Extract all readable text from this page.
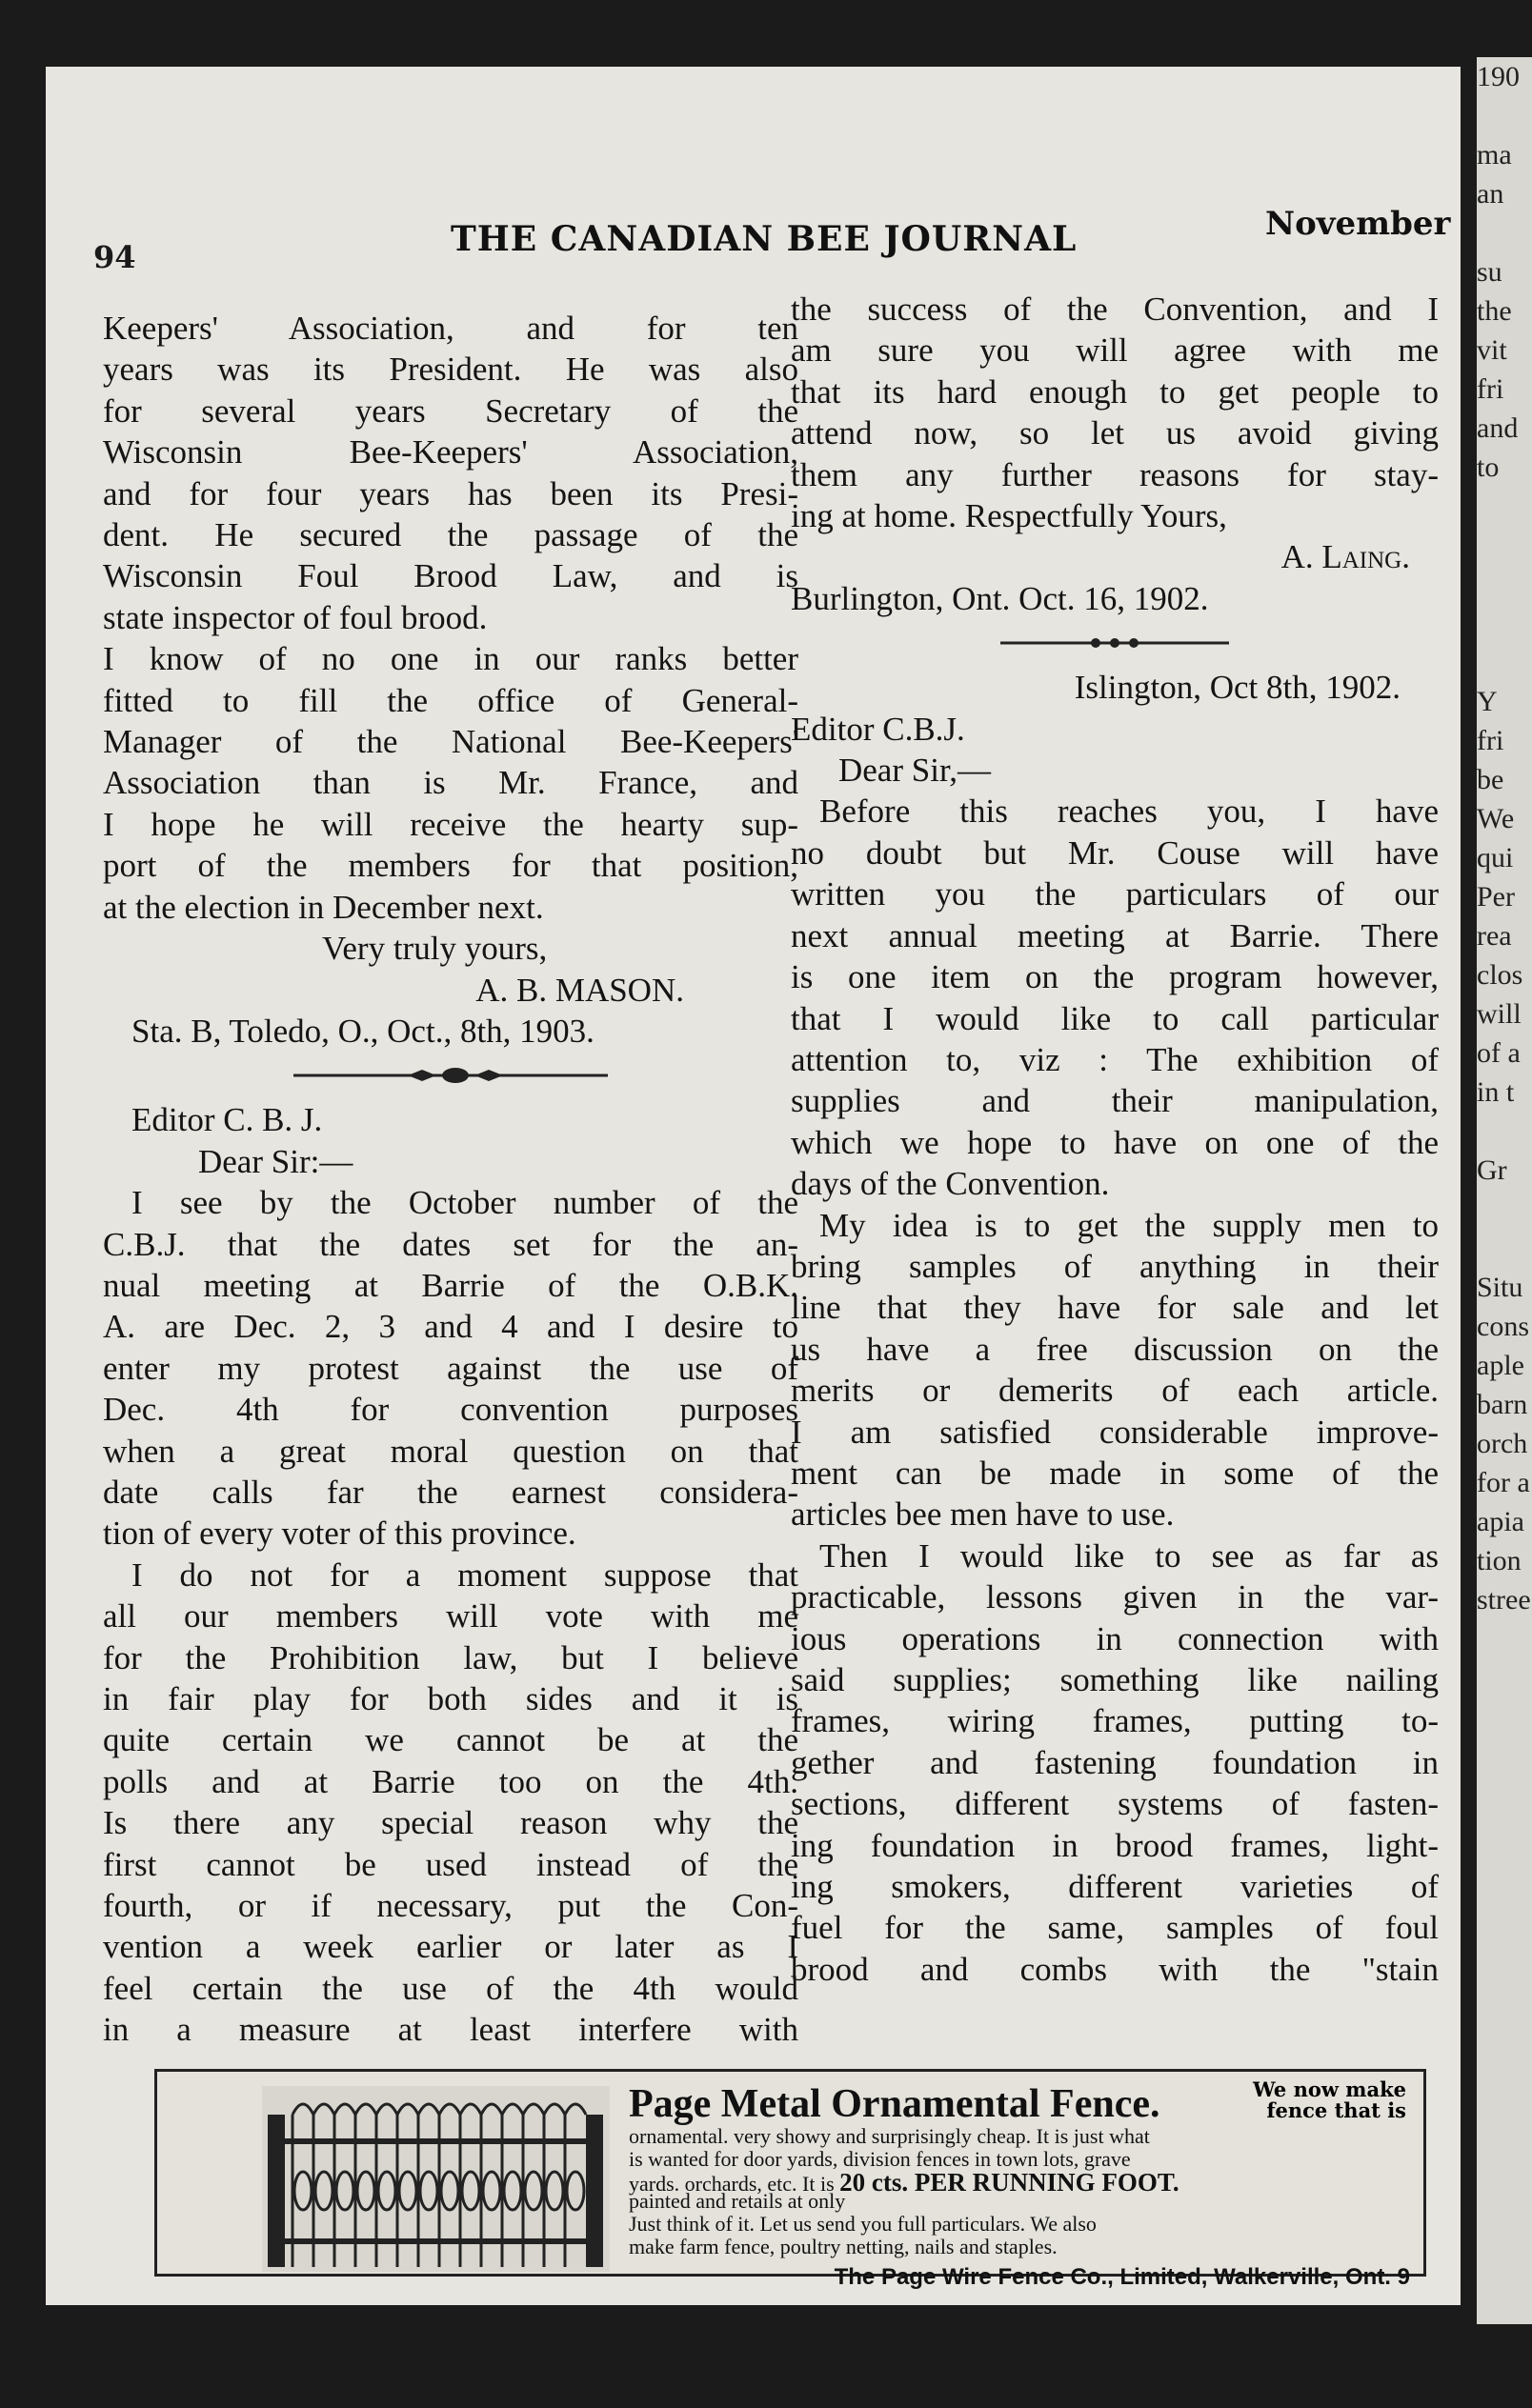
190

ma
an

su
the
vit
fri
and
to

Y
fri
be
We
qui
Per
rea
clos
will
of a
in t

Gr

Situ
cons
aple
barn
orch
for a
apia
tion
stree
94	THE CANADIAN BEE JOURNAL	November

Keepers' Association, and for ten

years was its President. He was also

for several years Secretary of the

Wisconsin Bee-Keepers' Association,

and for four years has been its Presi-

dent. He secured the passage of the

Wisconsin Foul Brood Law, and is

state inspector of foul brood.

I know of no one in our ranks better

fitted to fill the office of General-

Manager of the National Bee-Keepers'

Association than is Mr. France, and

I hope he will receive the hearty sup-

port of the members for that position,

at the election in December next.

Very truly yours,

A. B. MASON.

Sta. B, Toledo, O., Oct., 8th, 1903.

Editor C. B. J.

Dear Sir:—

I see by the October number of the

C.B.J. that the dates set for the an-

nual meeting at Barrie of the O.B.K.

A. are Dec. 2, 3 and 4 and I desire to

enter my protest against the use of

Dec. 4th for convention purposes

when a great moral question on that

date calls far the earnest considera-

tion of every voter of this province.

I do not for a moment suppose that

all our members will vote with me

for the Prohibition law, but I believe

in fair play for both sides and it is

quite certain we cannot be at the

polls and at Barrie too on the 4th.

Is there any special reason why the

first cannot be used instead of the

fourth, or if necessary, put the Con-

vention a week earlier or later as I

feel certain the use of the 4th would

in a measure at least interfere with

the success of the Convention, and I

am sure you will agree with me

that its hard enough to get people to

attend now, so let us avoid giving

them any further reasons for stay-

ing at home. Respectfully Yours,

A. Laing.

Burlington, Ont. Oct. 16, 1902.

Islington, Oct 8th, 1902.

Editor C.B.J.

Dear Sir,—

Before this reaches you, I have

no doubt but Mr. Couse will have

written you the particulars of our

next annual meeting at Barrie. There

is one item on the program however,

that I would like to call particular

attention to, viz : The exhibition of

supplies and their manipulation,

which we hope to have on one of the

days of the Convention.

My idea is to get the supply men to

bring samples of anything in their

line that they have for sale and let

us have a free discussion on the

merits or demerits of each article.

I am satisfied considerable improve-

ment can be made in some of the

articles bee men have to use.

Then I would like to see as far as

practicable, lessons given in the var-

ious operations in connection with

said supplies; something like nailing

frames, wiring frames, putting to-

gether and fastening foundation in

sections, different systems of fasten-

ing foundation in brood frames, light-

ing smokers, different varieties of

fuel for the same, samples of foul

brood and combs with the "stain

We now make fence that is
Page Metal Ornamental Fence.
ornamental. very showy and surprisingly cheap. It is just what
is wanted for door yards, division fences in town lots, grave
yards. orchards, etc. It is 20 cts. PER RUNNING FOOT.
painted and retails at only
Just think of it. Let us send you full particulars. We also
make farm fence, poultry netting, nails and staples.
The Page Wire Fence Co., Limited, Walkerville, Ont. 9
